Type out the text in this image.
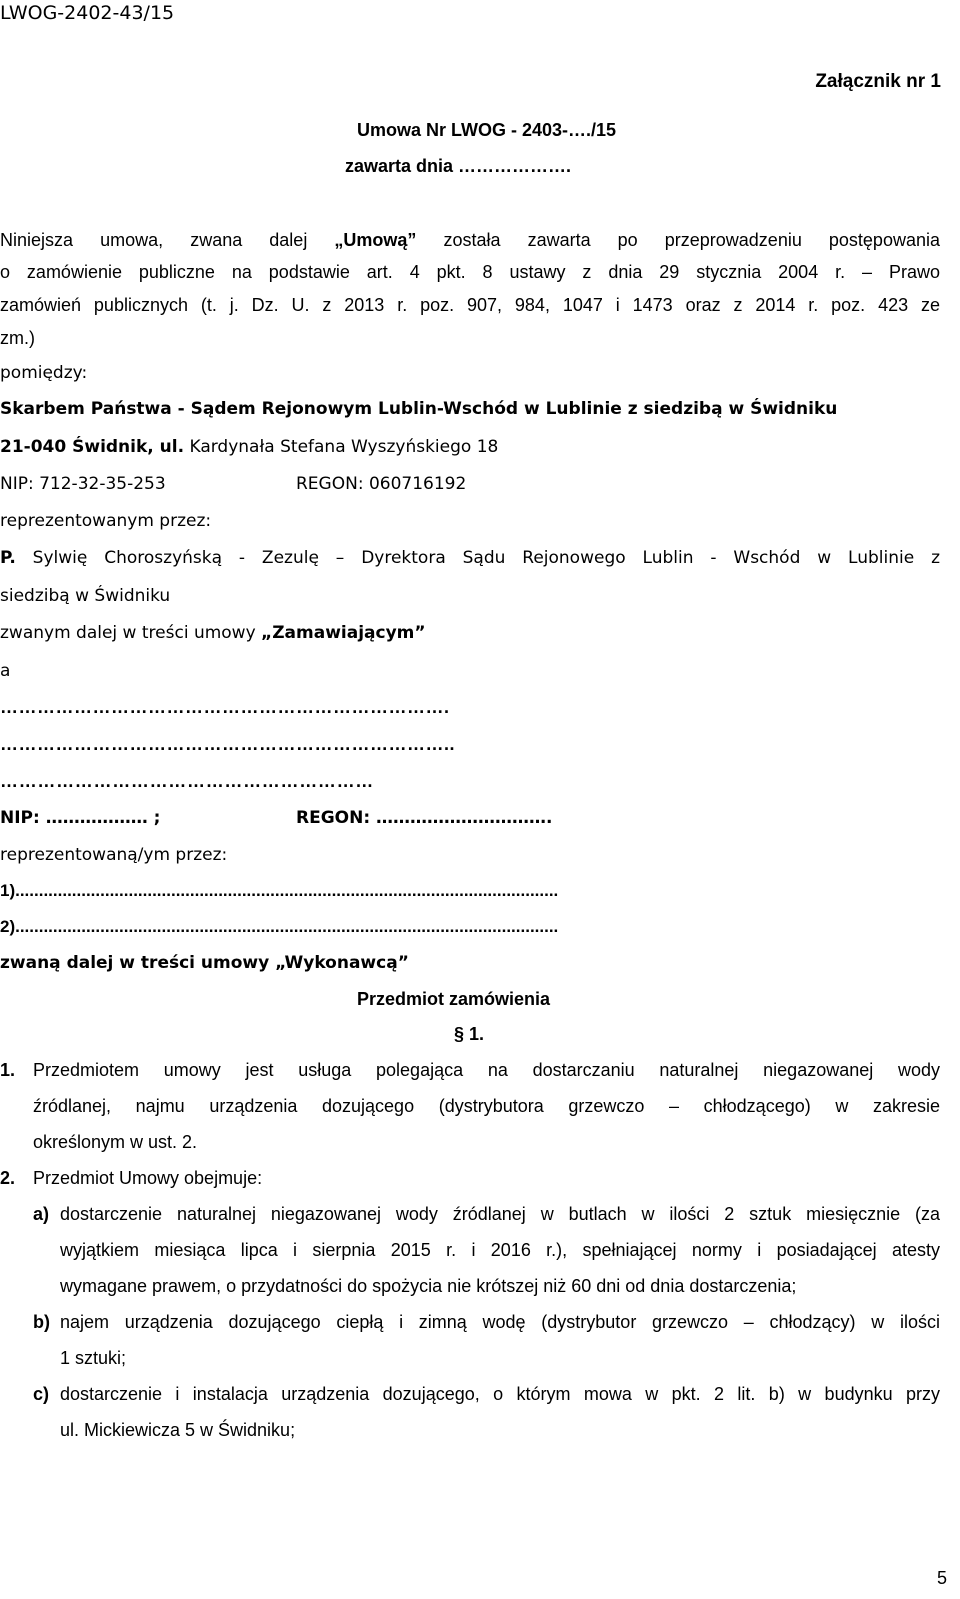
LWOG-2402-43/15
Załącznik nr 1
Umowa Nr LWOG - 2403-…./15
zawarta dnia ……………….
Niniejsza umowa, zwana dalej „Umową” została zawarta po przeprowadzeniu postępowania
o zamówienie publiczne na podstawie art. 4 pkt. 8 ustawy z dnia 29 stycznia 2004 r. – Prawo
zamówień publicznych (t. j. Dz. U. z 2013 r. poz. 907, 984, 1047 i 1473 oraz z 2014 r. poz. 423 ze
zm.)
pomiędzy:
Skarbem Państwa - Sądem Rejonowym Lublin-Wschód w Lublinie z siedzibą w Świdniku
21-040 Świdnik, ul. Kardynała Stefana Wyszyńskiego 18
NIP: 712-32-35-253	REGON: 060716192
reprezentowanym przez:
P. Sylwię Choroszyńską - Zezulę – Dyrektora Sądu Rejonowego Lublin - Wschód w Lublinie z
siedzibą w Świdniku
zwanym dalej w treści umowy „Zamawiającym”
a
……………………………………………………………….
………………………………………………………………..
……………………………………………………
NIP: ……………… ;	REGON: ………………………….
reprezentowaną/ym przez:
1)...................................................................................................................
2)...................................................................................................................
zwaną dalej w treści umowy „Wykonawcą”
Przedmiot zamówienia
§ 1.
1. Przedmiotem umowy jest usługa polegająca na dostarczaniu naturalnej niegazowanej wody
źródlanej, najmu urządzenia dozującego (dystrybutora grzewczo – chłodzącego) w zakresie
określonym w ust. 2.
2. Przedmiot Umowy obejmuje:
a) dostarczenie naturalnej niegazowanej wody źródlanej w butlach w ilości 2 sztuk miesięcznie (za
wyjątkiem miesiąca lipca i sierpnia 2015 r. i 2016 r.), spełniającej normy i posiadającej atesty
wymagane prawem, o przydatności do spożycia nie krótszej niż 60 dni od dnia dostarczenia;
b) najem urządzenia dozującego ciepłą i zimną wodę (dystrybutor grzewczo – chłodzący) w ilości
1 sztuki;
c) dostarczenie i instalacja urządzenia dozującego, o którym mowa w pkt. 2 lit. b) w budynku przy
ul. Mickiewicza 5 w Świdniku;
5
